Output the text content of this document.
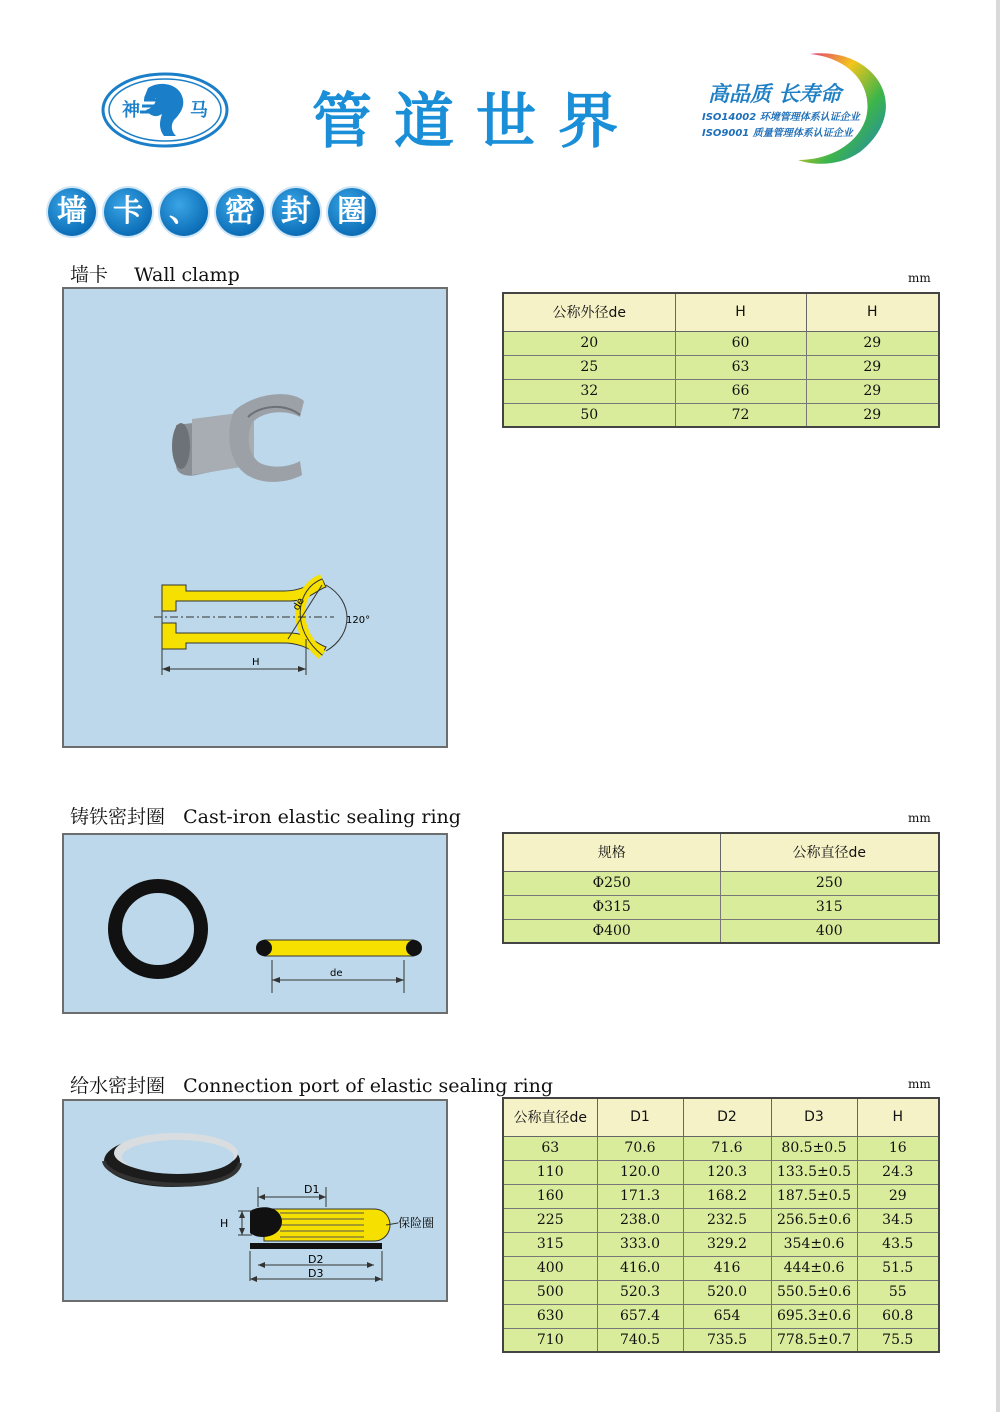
神	马 管道世界	高品质 长寿命
ISO14002 环境管理体系认证企业
ISO9001 质量管理体系认证企业
墙 卡 、 密 封 圈
墙卡 Wall clamp	mm
H
de
120°
公称外径de	H	H
20	60	29
25	63	29
32	66	29
50	72	29
铸铁密封圈 Cast-iron elastic sealing ring	mm
de
规格	公称直径de
Φ250	250
Φ315	315
Φ400	400
给水密封圈 Connection port of elastic sealing ring	mm
D1
H
D2
D3
保险圈
公称直径de	D1	D2	D3	H
63	70.6	71.6	80.5±0.5	16
110	120.0	120.3	133.5±0.5	24.3
160	171.3	168.2	187.5±0.5	29
225	238.0	232.5	256.5±0.6	34.5
315	333.0	329.2	354±0.6	43.5
400	416.0	416	444±0.6	51.5
500	520.3	520.0	550.5±0.6	55
630	657.4	654	695.3±0.6	60.8
710	740.5	735.5	778.5±0.7	75.5
